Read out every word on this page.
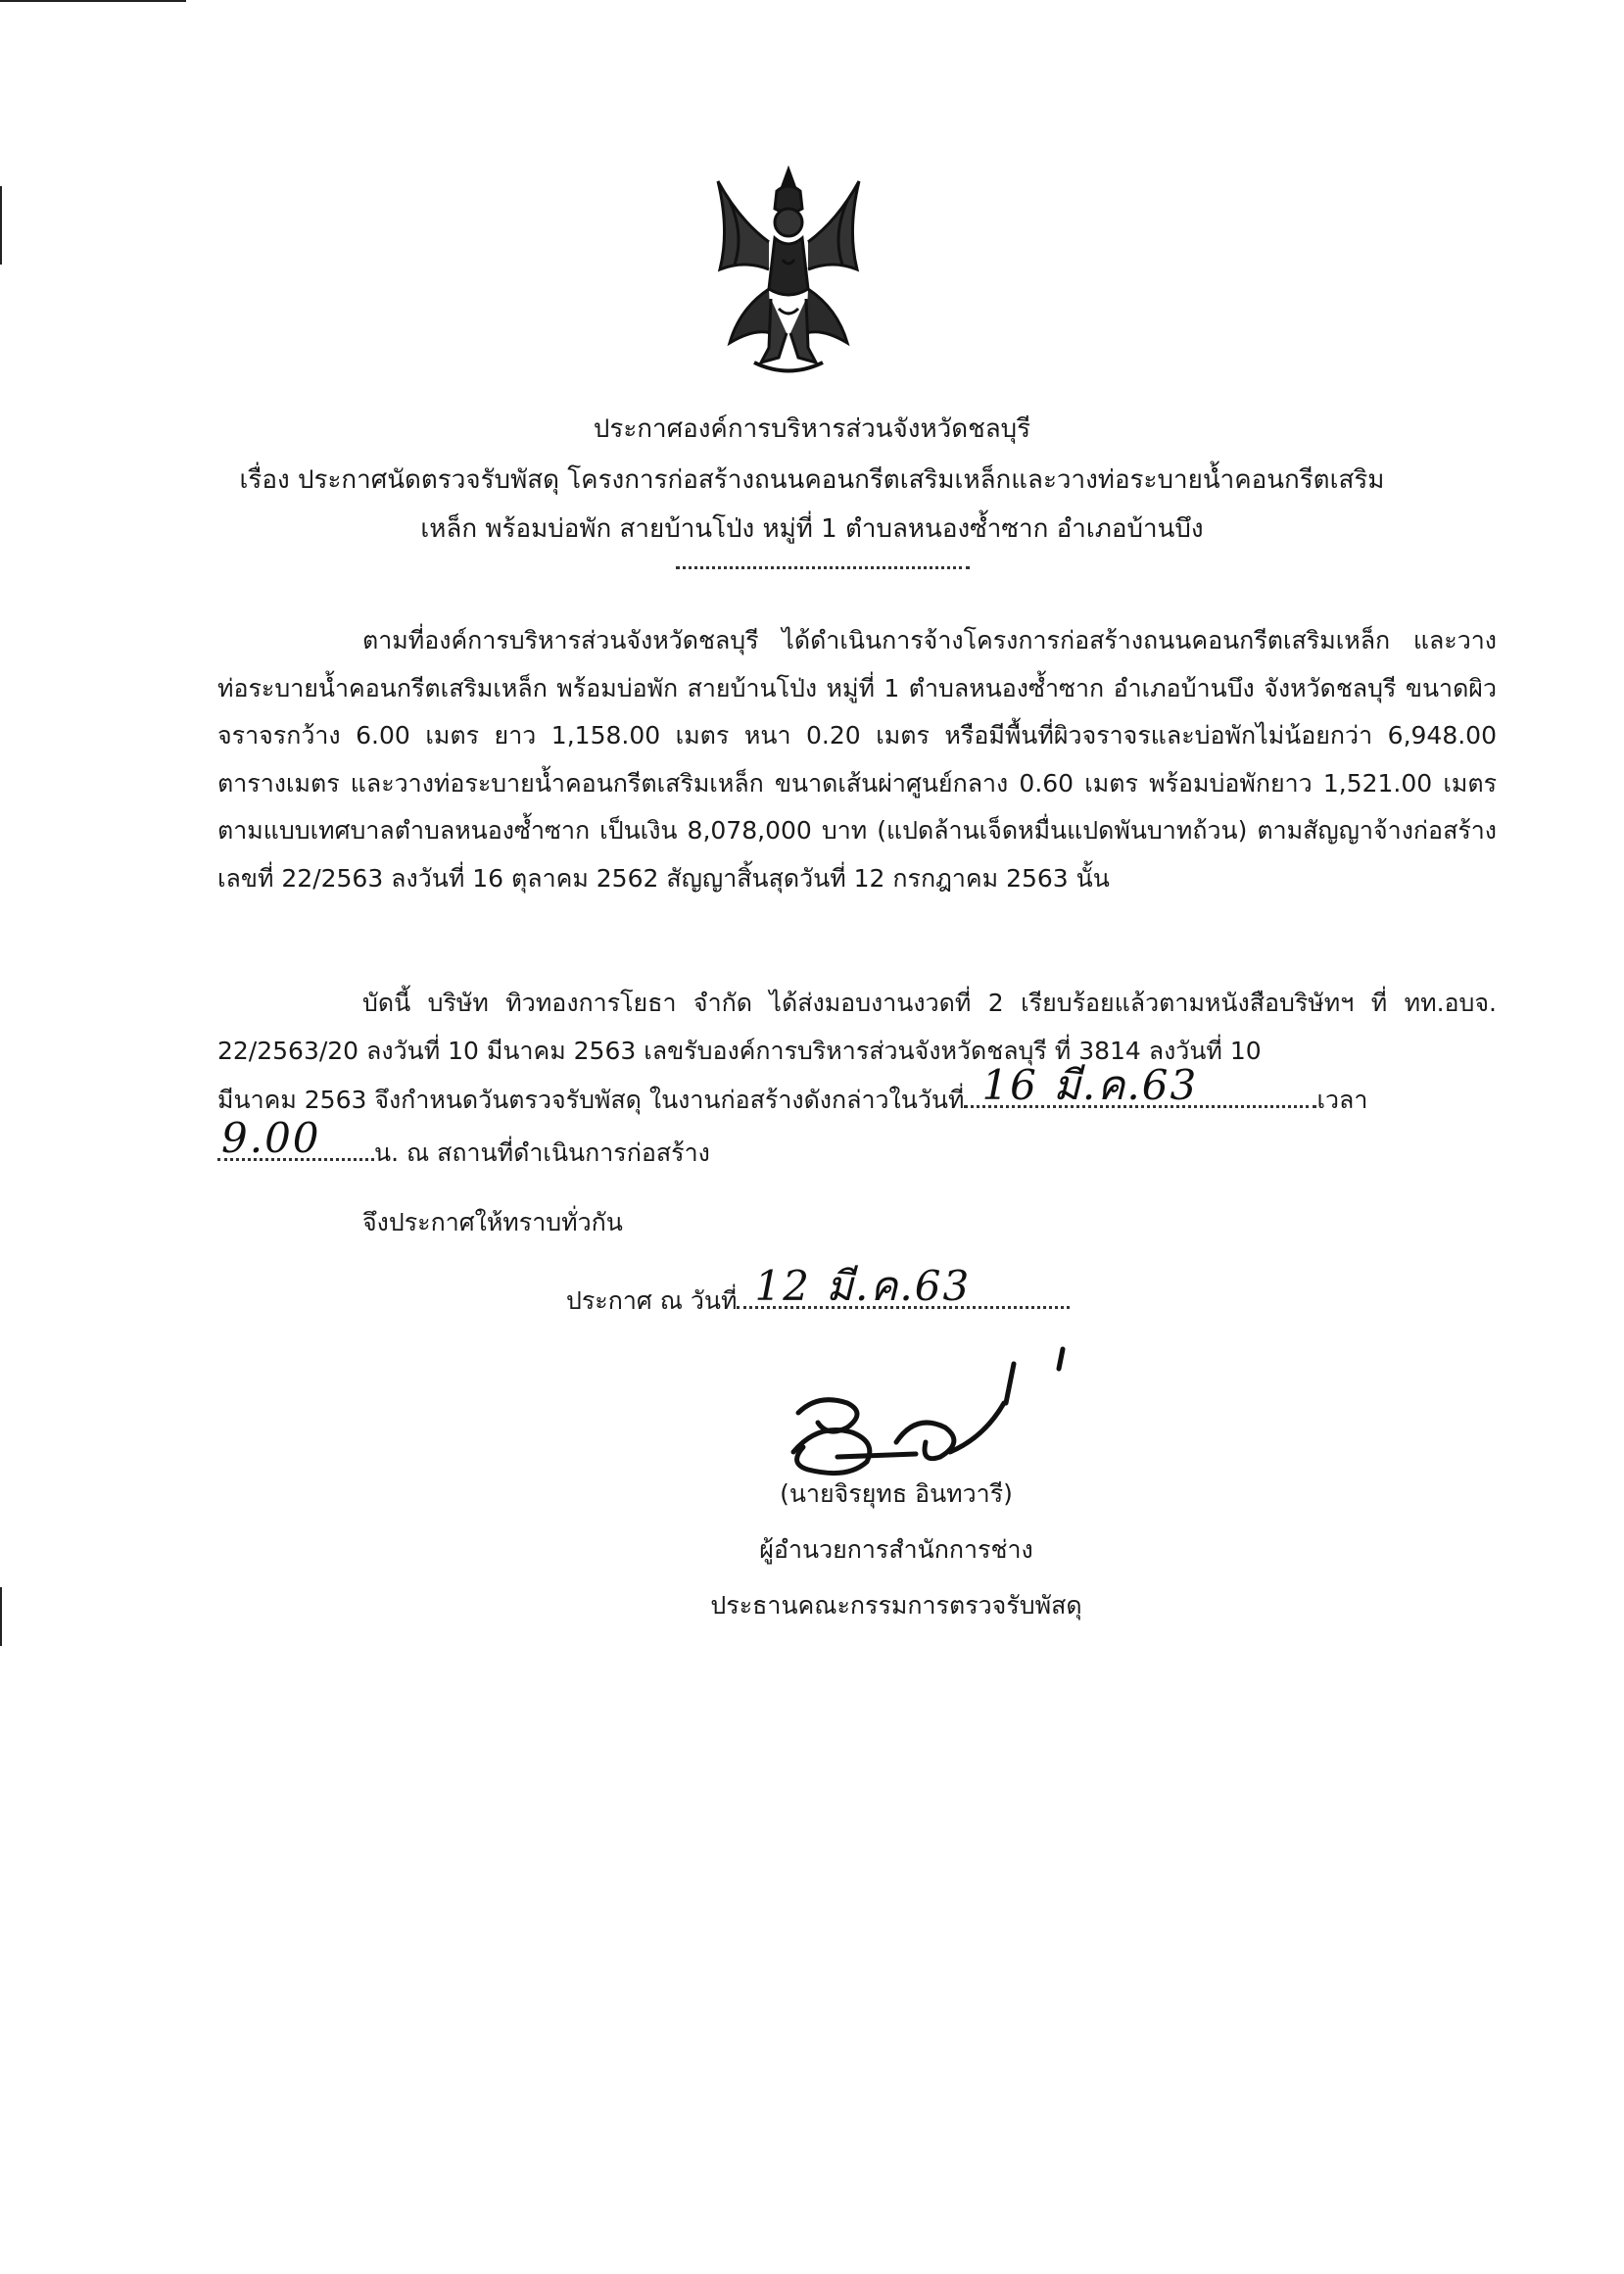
ประกาศองค์การบริหารส่วนจังหวัดชลบุรี
เรื่อง ประกาศนัดตรวจรับพัสดุ โครงการก่อสร้างถนนคอนกรีตเสริมเหล็กและวางท่อระบายน้ำคอนกรีตเสริม
เหล็ก พร้อมบ่อพัก สายบ้านโป่ง หมู่ที่ 1 ตำบลหนองซ้ำซาก อำเภอบ้านบึง
ตามที่องค์การบริหารส่วนจังหวัดชลบุรี ได้ดำเนินการจ้างโครงการก่อสร้างถนนคอนกรีตเสริมเหล็ก และวางท่อระบายน้ำคอนกรีตเสริมเหล็ก พร้อมบ่อพัก สายบ้านโป่ง หมู่ที่ 1 ตำบลหนองซ้ำซาก อำเภอบ้านบึง จังหวัดชลบุรี ขนาดผิวจราจรกว้าง 6.00 เมตร ยาว 1,158.00 เมตร หนา 0.20 เมตร หรือมีพื้นที่ผิวจราจรและบ่อพักไม่น้อยกว่า 6,948.00 ตารางเมตร และวางท่อระบายน้ำคอนกรีตเสริมเหล็ก ขนาดเส้นผ่าศูนย์กลาง 0.60 เมตร พร้อมบ่อพักยาว 1,521.00 เมตร ตามแบบเทศบาลตำบลหนองซ้ำซาก เป็นเงิน 8,078,000 บาท (แปดล้านเจ็ดหมื่นแปดพันบาทถ้วน) ตามสัญญาจ้างก่อสร้างเลขที่ 22/2563 ลงวันที่ 16 ตุลาคม 2562 สัญญาสิ้นสุดวันที่ 12 กรกฎาคม 2563 นั้น
บัดนี้ บริษัท ทิวทองการโยธา จำกัด ได้ส่งมอบงานงวดที่ 2 เรียบร้อยแล้วตามหนังสือบริษัทฯ ที่ ทท.อบจ. 22/2563/20 ลงวันที่ 10 มีนาคม 2563 เลขรับองค์การบริหารส่วนจังหวัดชลบุรี ที่ 3814 ลงวันที่ 10
มีนาคม 2563 จึงกำหนดวันตรวจรับพัสดุ ในงานก่อสร้างดังกล่าวในวันที่ 16 มี.ค.63	เวลา
9.00 น. ณ สถานที่ดำเนินการก่อสร้าง
จึงประกาศให้ทราบทั่วกัน
ประกาศ ณ วันที่ 12 มี.ค.63
(นายจิรยุทธ อินทวารี)
ผู้อำนวยการสำนักการช่าง
ประธานคณะกรรมการตรวจรับพัสดุ
